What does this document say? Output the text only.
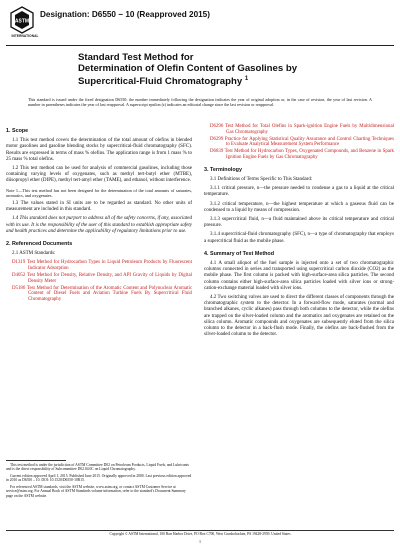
ASTM
INTERNATIONAL
Designation: D6550 − 10 (Reapproved 2015)
Standard Test Method for
Determination of Olefin Content of Gasolines by
Supercritical-Fluid Chromatography $^1$
This standard is issued under the fixed designation D6550; the number immediately following the designation indicates the year of original adoption or, in the case of revision, the year of last revision. A number in parentheses indicates the year of last reapproval. A superscript epsilon (ε) indicates an editorial change since the last revision or reapproval.
1. Scope

1.1 This test method covers the determination of the total amount of olefins in blended motor gasolines and gasoline blending stocks by supercritical-fluid chromatography (SFC). Results are expressed in terms of mass % olefins. The application range is from 1 mass % to 25 mass % total olefins.

1.2 This test method can be used for analysis of commercial gasolines, including those containing varying levels of oxygenates, such as methyl tert-butyl ether (MTBE), diisopropyl ether (DIPE), methyl tert-amyl ether (TAME), and ethanol, without interference.

Note 1—This test method has not been designed for the determination of the total amounts of saturates, aromatics, and oxygenates.

1.3 The values stated in SI units are to be regarded as standard. No other units of measurement are included in this standard.

1.4 This standard does not purport to address all of the safety concerns, if any, associated with its use. It is the responsibility of the user of this standard to establish appropriate safety and health practices and determine the applicability of regulatory limitations prior to use.

2. Referenced Documents

2.1 ASTM Standards:

D1319 Test Method for Hydrocarbon Types in Liquid Petroleum Products by Fluorescent Indicator Adsorption
D4052 Test Method for Density, Relative Density, and API Gravity of Liquids by Digital Density Meter
D5186 Test Method for Determination of the Aromatic Content and Polynuclear Aromatic Content of Diesel Fuels and Aviation Turbine Fuels By Supercritical Fluid Chromatography

This test method is under the jurisdiction of ASTM Committee D02 on Petroleum Products, Liquid Fuels, and Lubricants and is the direct responsibility of Subcommittee D02.04.0C on Liquid Chromatography.

Current edition approved April 1, 2015. Published June 2015. Originally approved in 2000. Last previous edition approved in 2010 as D6550 – 10. DOI: 10.1520/D6550-10R15.

For referenced ASTM standards, visit the ASTM website, www.astm.org, or contact ASTM Customer Service at service@astm.org. For Annual Book of ASTM Standards volume information, refer to the standard's Document Summary page on the ASTM website.

D6296 Test Method for Total Olefins in Spark-ignition Engine Fuels by Multidimensional Gas Chromatography
D6299 Practice for Applying Statistical Quality Assurance and Control Charting Techniques to Evaluate Analytical Measurement System Performance
D6839 Test Method for Hydrocarbon Types, Oxygenated Compounds, and Benzene in Spark Ignition Engine Fuels by Gas Chromatography
3. Terminology

3.1 Definitions of Terms Specific to This Standard:

3.1.1 critical pressure, n—the pressure needed to condense a gas to a liquid at the critical temperature.

3.1.2 critical temperature, n—the highest temperature at which a gaseous fluid can be condensed to a liquid by means of compression.

3.1.3 supercritical fluid, n—a fluid maintained above its critical temperature and critical pressure.

3.1.4 supercritical-fluid chromatography (SFC), n—a type of chromatography that employs a supercritical fluid as the mobile phase.

4. Summary of Test Method

4.1 A small aliquot of the fuel sample is injected onto a set of two chromatographic columns connected in series and transported using supercritical carbon dioxide (CO2) as the mobile phase. The first column is packed with high-surface-area silica particles. The second column contains either high-surface-area silica particles loaded with silver ions or strong-cation-exchange material loaded with silver ions.

4.2 Two switching valves are used to direct the different classes of components through the chromatographic system to the detector. In a forward-flow mode, saturates (normal and branched alkanes, cyclic alkanes) pass through both columns to the detector, while the olefins are trapped on the silver-loaded column and the aromatics and oxygenates are retained on the silica column. Aromatic compounds and oxygenates are subsequently eluted from the silica column to the detector in a back-flush mode. Finally, the olefins are back-flushed from the silver-loaded column to the detector.

Copyright © ASTM International, 100 Barr Harbor Drive, PO Box C700, West Conshohocken, PA 19428-2959. United States
1
